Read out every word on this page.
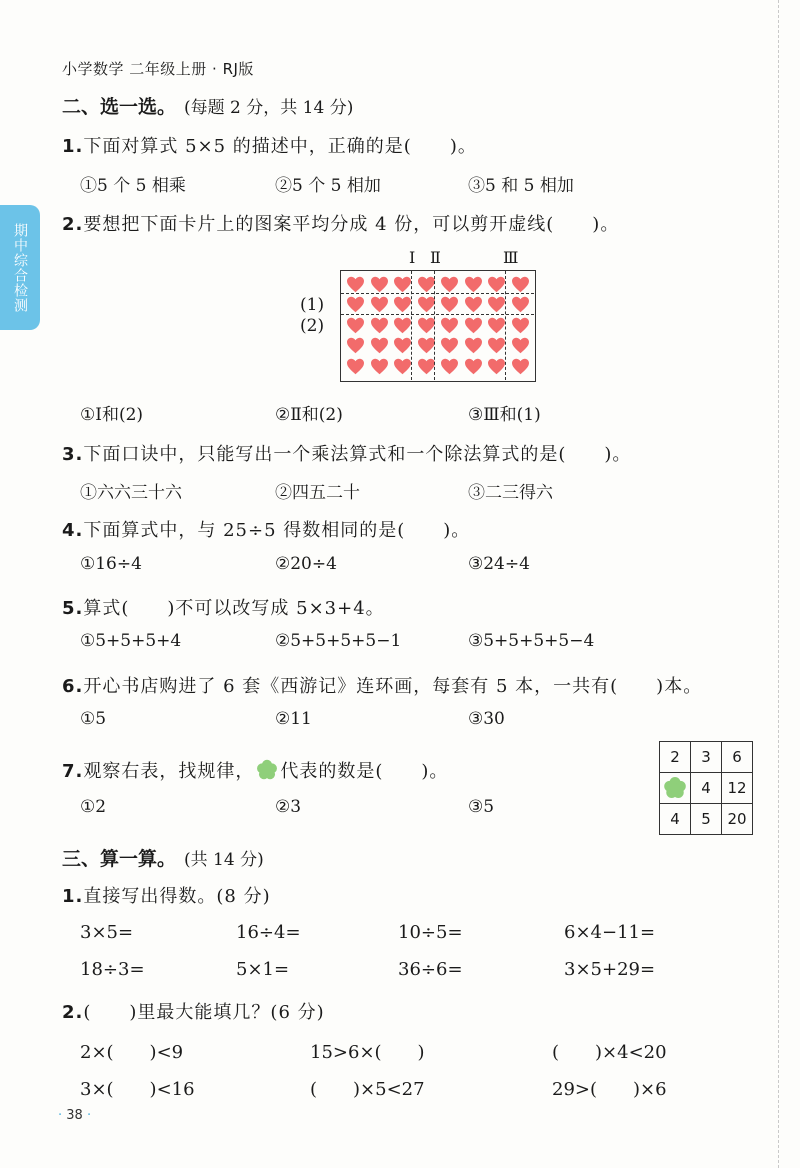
小学数学 二年级上册 · RJ版
期中综合检测
二、选一选。 (每题 2 分，共 14 分)
1.下面对算式 5×5 的描述中，正确的是(　　)。
①5 个 5 相乘	②5 个 5 相加	③5 和 5 相加
2.要想把下面卡片上的图案平均分成 4 份，可以剪开虚线(　　)。
Ⅰ Ⅱ	Ⅲ
(1)
(2)
①Ⅰ和(2)	②Ⅱ和(2)	③Ⅲ和(1)
3.下面口诀中，只能写出一个乘法算式和一个除法算式的是(　　)。
①六六三十六	②四五二十	③二三得六
4.下面算式中，与 25÷5 得数相同的是(　　)。
①16÷4	②20÷4	③24÷4
5.算式(　　)不可以改写成 5×3+4。
①5+5+5+4	②5+5+5+5−1	③5+5+5+5−4
6.开心书店购进了 6 套《西游记》连环画，每套有 5 本，一共有(　　)本。
①5	②11	③30
7.观察右表，找规律， 代表的数是(　　)。
①2	②3	③5
2	3	6
	4	12
4	5	20
三、算一算。 (共 14 分)
1.直接写出得数。(8 分)
3×5=	16÷4=	10÷5=	6×4−11=
18÷3=	5×1=	36÷6=	3×5+29=
2.(　　)里最大能填几？(6 分)
2×(　　)<9	15>6×(　　)	(　　)×4<20
3×(　　)<16	(　　)×5<27	29>(　　)×6
· 38 ·
